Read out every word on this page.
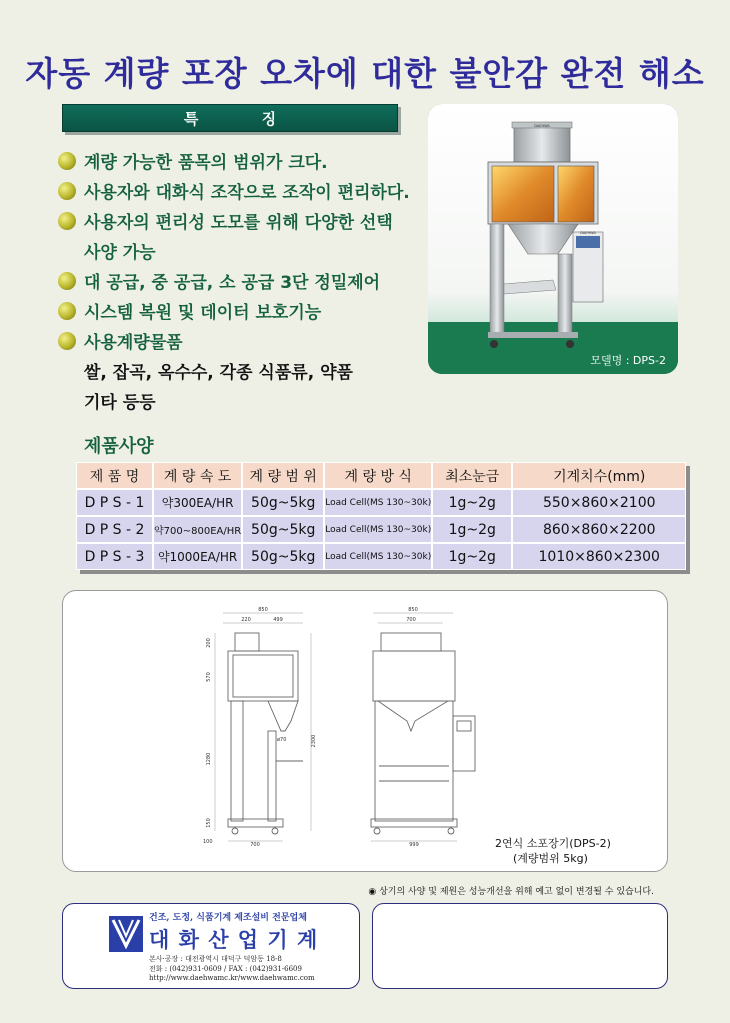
자동 계량 포장 오차에 대한 불안감 완전 해소
특 징
계량 가능한 품목의 범위가 크다.
사용자와 대화식 조작으로 조작이 편리하다.
사용자의 편리성 도모를 위해 다양한 선택
사양 가능
대 공급, 중 공급, 소 공급 3단 정밀제어
시스템 복원 및 데이터 보호기능
사용계량물품
쌀, 잡곡, 옥수수, 각종 식품류, 약품
기타 등등
DAEHWA
DAEHWA
모델명 : DPS-2
제품사양
제 품 명	계 량 속 도	계 량 범 위	계 량 방 식	최소눈금	기계치수(mm)
D P S - 1	약300EA/HR	50g~5kg	Load Cell(MS 130~30k)	1g~2g	550×860×2100
D P S - 2	약700~800EA/HR	50g~5kg	Load Cell(MS 130~30k)	1g~2g	860×860×2200
D P S - 3	약1000EA/HR	50g~5kg	Load Cell(MS 130~30k)	1g~2g	1010×860×2300
850
220	499
ø70
200
570
1280
150
100
2300
700
850
700
999	2연식 소포장기(DPS-2)
(계량범위 5kg)
◉ 상기의 사양 및 제원은 성능개선을 위해 예고 없이 변경될 수 있습니다.
건조, 도정, 식품기계 제조설비 전문업체
대 화 산 업 기 계
본사·공장 : 대전광역시 대덕구 덕암동 18-8
전화 : (042)931-0609 / FAX : (042)931-6609
http://www.daehwamc.kr/www.daehwamc.com
